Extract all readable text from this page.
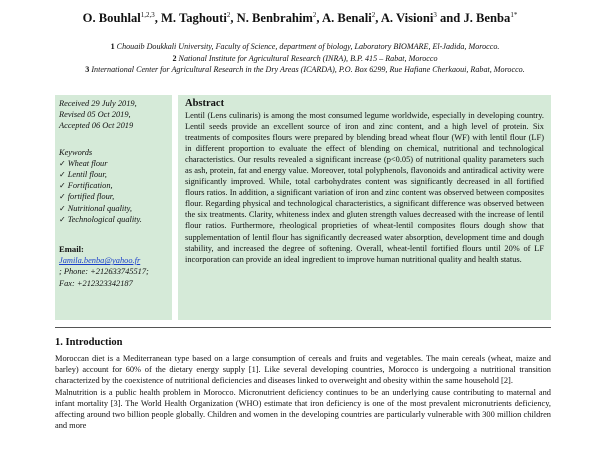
O. Bouhlal$^{1,2,3}$, M. Taghouti$^2$, N. Benbrahim$^2$, A. Benali$^2$, A. Visioni$^3$ and J. Benba$^{1*}$
1 Chouaib Doukkali University, Faculty of Science, department of biology, Laboratory BIOMARE, El-Jadida, Morocco.
2 National Institute for Agricultural Research (INRA), B.P. 415 – Rabat, Morocco
3 International Center for Agricultural Research in the Dry Areas (ICARDA), P.O. Box 6299, Rue Hafiane Cherkaoui, Rabat, Morocco.
Received 29 July 2019,
Revised 05 Oct 2019,
Accepted 06 Oct 2019
Keywords
✓ Wheat flour
✓ Lentil flour,
✓ Fortification,
✓ fortified flour,
✓ Nutritional quality,
✓ Technological quality.
Email:
Jamila.benba@yahoo.fr
; Phone: +212633745517;
Fax: +212323342187
Abstract

Lentil (Lens culinaris) is among the most consumed legume worldwide, especially in developing country. Lentil seeds provide an excellent source of iron and zinc content, and a high level of protein. Six treatments of composites flours were prepared by blending bread wheat flour (WF) with lentil flour (LF) in different proportion to evaluate the effect of blending on chemical, nutritional and technological characteristics. Our results revealed a significant increase (p<0.05) of nutritional quality parameters such as ash, protein, fat and energy value. Moreover, total polyphenols, flavonoids and antiradical activity were significantly improved. While, total carbohydrates content was significantly decreased in all fortified flours ratios. In addition, a significant variation of iron and zinc content was observed between composites flour. Regarding physical and technological characteristics, a significant difference was observed between the six treatments. Clarity, whiteness index and gluten strength values decreased with the increase of lentil flour ratios. Furthermore, rheological proprieties of wheat-lentil composites flours dough show that supplementation of lentil flour has significantly decreased water absorption, development time and dough stability, and increased the degree of softening. Overall, wheat-lentil fortified flours until 20% of LF incorporation can provide an ideal ingredient to improve human nutritional quality and health status.

1. Introduction

Moroccan diet is a Mediterranean type based on a large consumption of cereals and fruits and vegetables. The main cereals (wheat, maize and barley) account for 60% of the dietary energy supply [1]. Like several developing countries, Morocco is undergoing a nutritional transition characterized by the coexistence of nutritional deficiencies and diseases linked to overweight and obesity within the same household [2].

Malnutrition is a public health problem in Morocco. Micronutrient deficiency continues to be an underlying cause contributing to maternal and infant mortality [3]. The World Health Organization (WHO) estimate that iron deficiency is one of the most prevalent micronutrients deficiency, affecting around two billion people globally. Children and women in the developing countries are particularly vulnerable with 300 million children and more
